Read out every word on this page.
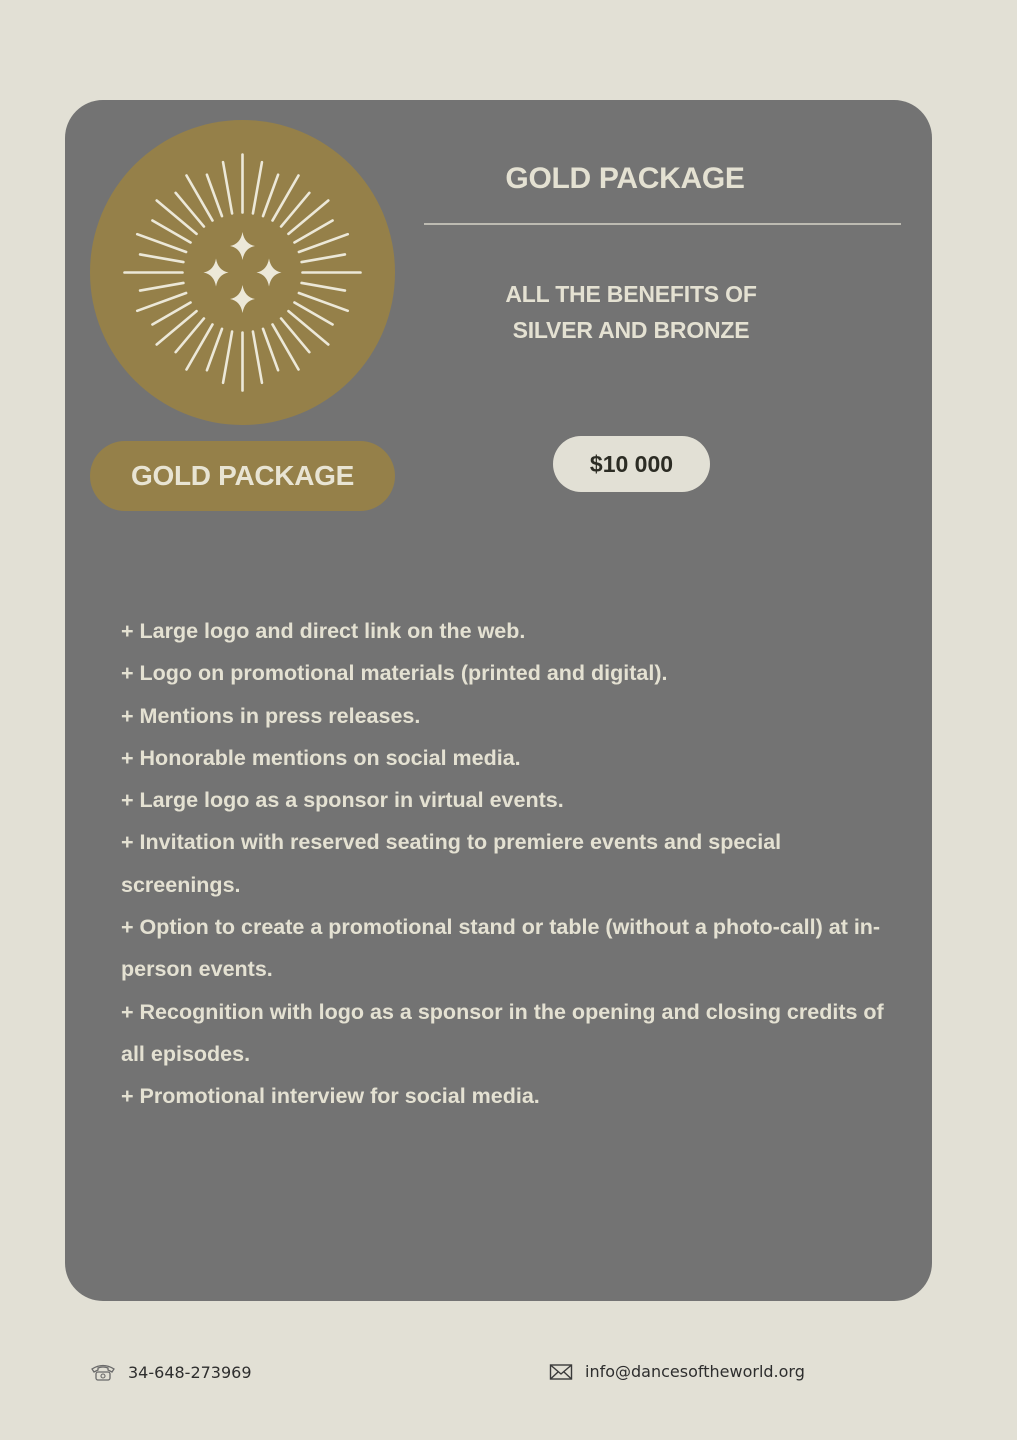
GOLD PACKAGE
GOLD PACKAGE
ALL THE BENEFITS OF
SILVER AND BRONZE
$10 000
+ Large logo and direct link on the web.
+ Logo on promotional materials (printed and digital).
+ Mentions in press releases.
+ Honorable mentions on social media.
+ Large logo as a sponsor in virtual events.
+ Invitation with reserved seating to premiere events and special screenings.
+ Option to create a promotional stand or table (without a photo-call) at in-person events.
+ Recognition with logo as a sponsor in the opening and closing credits of all episodes.
+ Promotional interview for social media.
34-648-273969	info@dancesoftheworld.org
